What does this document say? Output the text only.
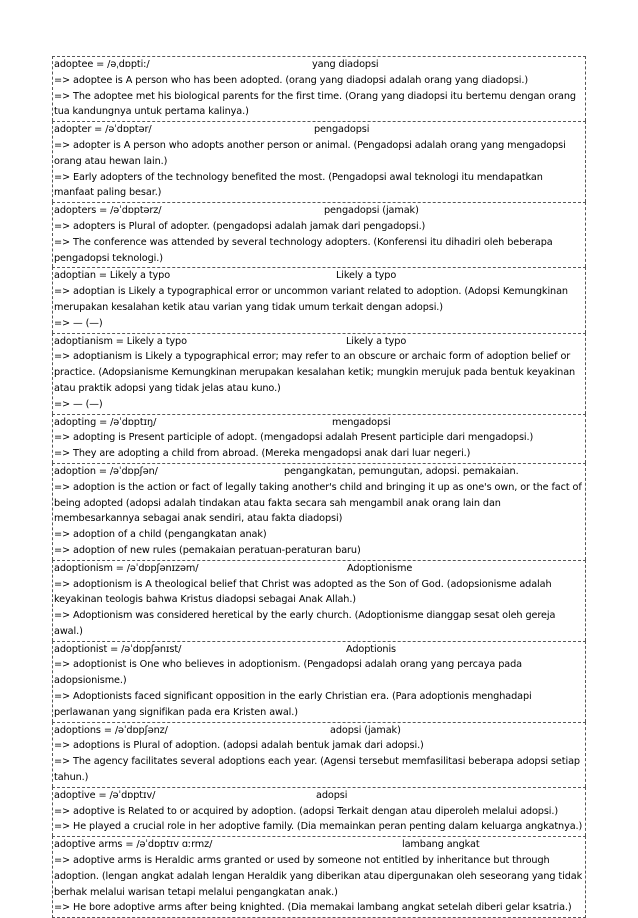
adoptee = /əˌdɒpti:/	yang diadopsi
=> adoptee is A person who has been adopted. (orang yang diadopsi adalah orang yang diadopsi.)
=> The adoptee met his biological parents for the first time. (Orang yang diadopsi itu bertemu dengan orang tua kandungnya untuk pertama kalinya.)
adopter = /əˈdɒptər/	pengadopsi
=> adopter is A person who adopts another person or animal. (Pengadopsi adalah orang yang mengadopsi orang atau hewan lain.)
=> Early adopters of the technology benefited the most. (Pengadopsi awal teknologi itu mendapatkan manfaat paling besar.)
adopters = /əˈdɒptərz/	pengadopsi (jamak)
=> adopters is Plural of adopter. (pengadopsi adalah jamak dari pengadopsi.)
=> The conference was attended by several technology adopters. (Konferensi itu dihadiri oleh beberapa pengadopsi teknologi.)
adoptian = Likely a typo	Likely a typo
=> adoptian is Likely a typographical error or uncommon variant related to adoption. (Adopsi Kemungkinan merupakan kesalahan ketik atau varian yang tidak umum terkait dengan adopsi.)
=> — (—)
adoptianism = Likely a typo	Likely a typo
=> adoptianism is Likely a typographical error; may refer to an obscure or archaic form of adoption belief or practice. (Adopsianisme Kemungkinan merupakan kesalahan ketik; mungkin merujuk pada bentuk keyakinan atau praktik adopsi yang tidak jelas atau kuno.)
=> — (—)
adopting = /əˈdɒptɪŋ/	mengadopsi
=> adopting is Present participle of adopt. (mengadopsi adalah Present participle dari mengadopsi.)
=> They are adopting a child from abroad. (Mereka mengadopsi anak dari luar negeri.)
adoption = /əˈdɒpʃən/	pengangkatan, pemungutan, adopsi. pemakaian.
=> adoption is the action or fact of legally taking another's child and bringing it up as one's own, or the fact of being adopted (adopsi adalah tindakan atau fakta secara sah mengambil anak orang lain dan membesarkannya sebagai anak sendiri, atau fakta diadopsi)
=> adoption of a child (pengangkatan anak)
=> adoption of new rules (pemakaian peratuan-peraturan baru)
adoptionism = /əˈdɒpʃənɪzəm/	Adoptionisme
=> adoptionism is A theological belief that Christ was adopted as the Son of God. (adopsionisme adalah keyakinan teologis bahwa Kristus diadopsi sebagai Anak Allah.)
=> Adoptionism was considered heretical by the early church. (Adoptionisme dianggap sesat oleh gereja awal.)
adoptionist = /əˈdɒpʃənɪst/	Adoptionis
=> adoptionist is One who believes in adoptionism. (Pengadopsi adalah orang yang percaya pada adopsionisme.)
=> Adoptionists faced significant opposition in the early Christian era. (Para adoptionis menghadapi perlawanan yang signifikan pada era Kristen awal.)
adoptions = /əˈdɒpʃənz/	adopsi (jamak)
=> adoptions is Plural of adoption. (adopsi adalah bentuk jamak dari adopsi.)
=> The agency facilitates several adoptions each year. (Agensi tersebut memfasilitasi beberapa adopsi setiap tahun.)
adoptive = /əˈdɒptɪv/	adopsi
=> adoptive is Related to or acquired by adoption. (adopsi Terkait dengan atau diperoleh melalui adopsi.)
=> He played a crucial role in her adoptive family. (Dia memainkan peran penting dalam keluarga angkatnya.)
adoptive arms = /əˈdɒptɪv ɑːrmz/	lambang angkat
=> adoptive arms is Heraldic arms granted or used by someone not entitled by inheritance but through adoption. (lengan angkat adalah lengan Heraldik yang diberikan atau dipergunakan oleh seseorang yang tidak berhak melalui warisan tetapi melalui pengangkatan anak.)
=> He bore adoptive arms after being knighted. (Dia memakai lambang angkat setelah diberi gelar ksatria.)
